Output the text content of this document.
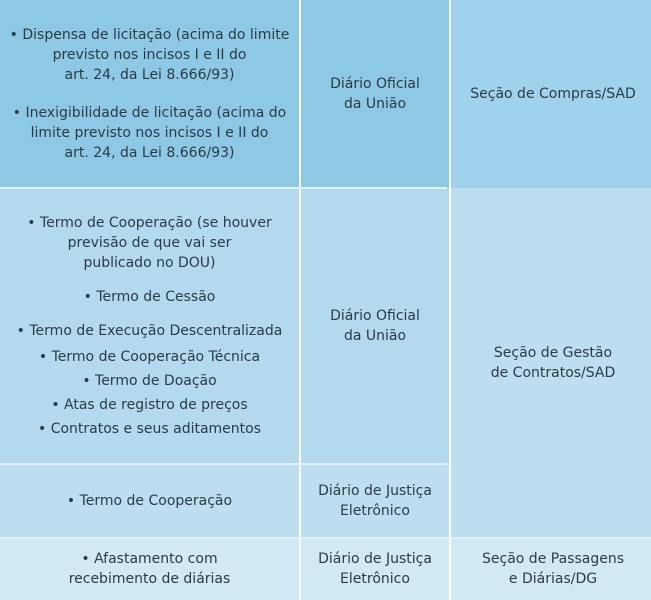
• Dispensa de licitação (acima do limite
previsto nos incisos I e II do
art. 24, da Lei 8.666/93)
• Inexigibilidade de licitação (acima do
limite previsto nos incisos I e II do
art. 24, da Lei 8.666/93)
Diário Oficial
da União
Seção de Compras/SAD
• Termo de Cooperação (se houver
previsão de que vai ser
publicado no DOU)
• Termo de Cessão
• Termo de Execução Descentralizada
• Termo de Cooperação Técnica
• Termo de Doação
• Atas de registro de preços
• Contratos e seus aditamentos
Diário Oficial
da União
Seção de Gestão
de Contratos/SAD
• Termo de Cooperação
Diário de Justiça
Eletrônico
• Afastamento com
recebimento de diárias
Diário de Justiça
Eletrônico
Seção de Passagens
e Diárias/DG
